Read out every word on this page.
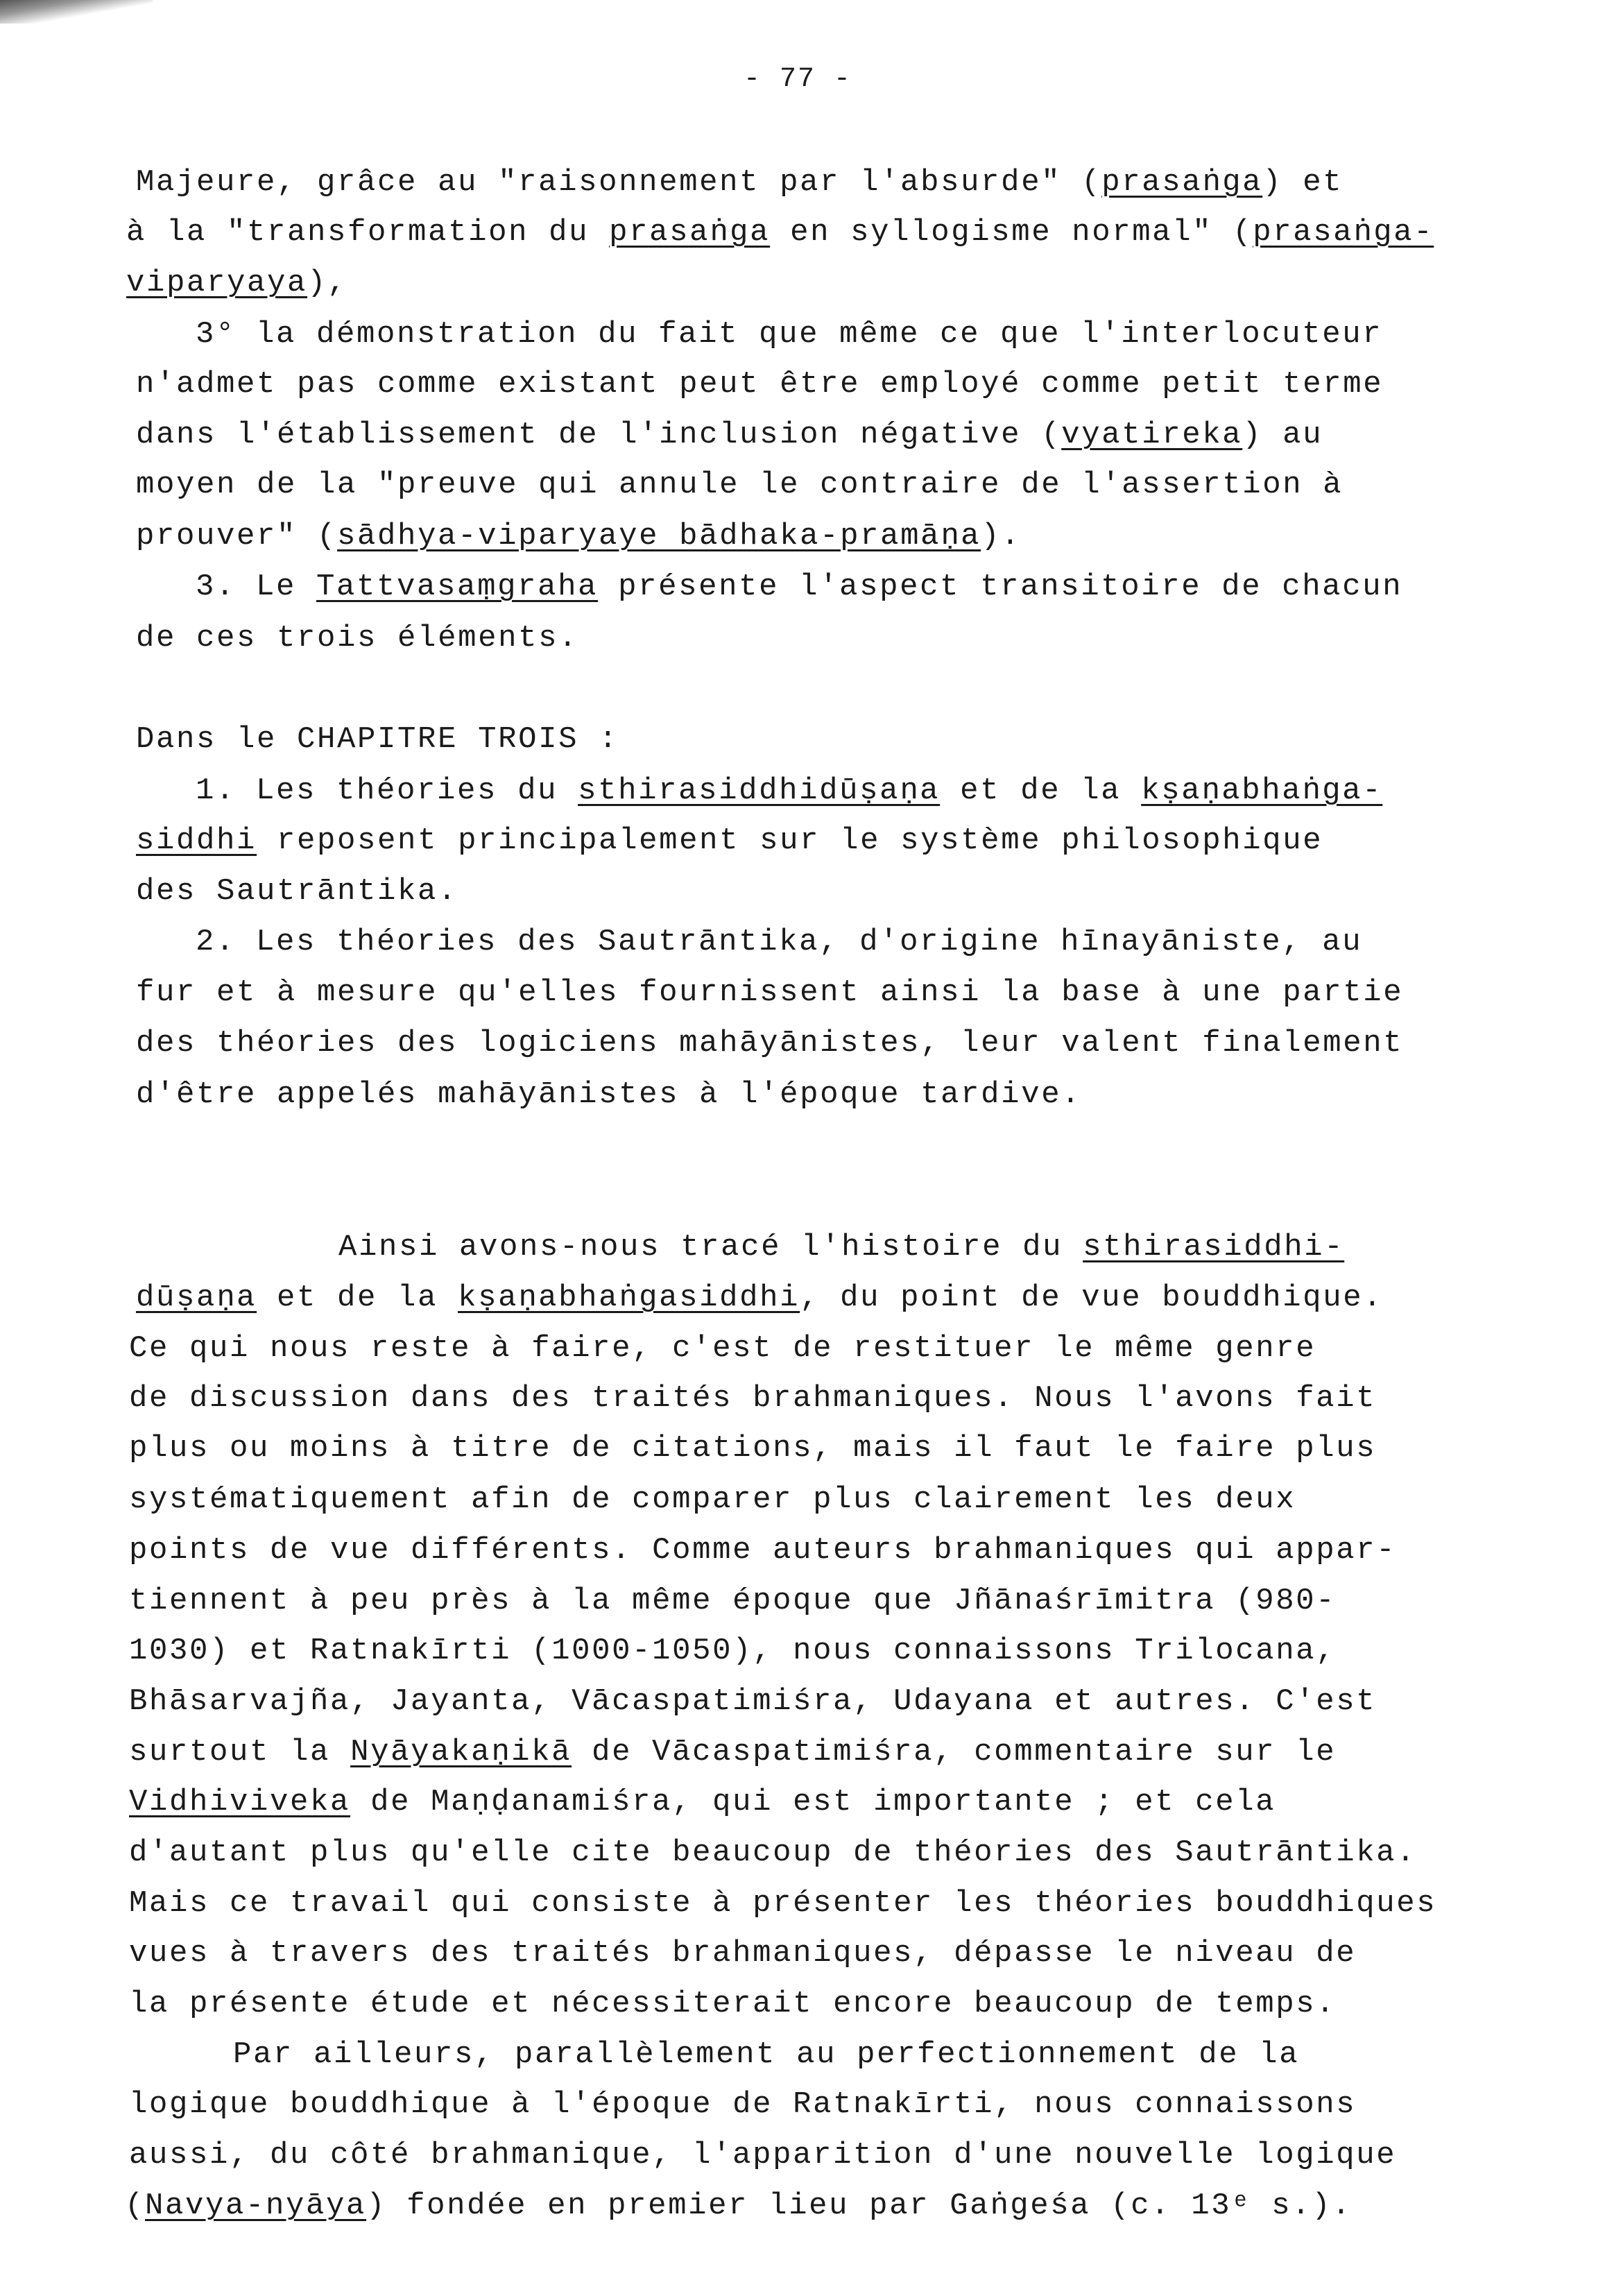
- 77 -
Majeure, grâce au "raisonnement par l'absurde" (prasaṅga) et
à la "transformation du prasaṅga en syllogisme normal" (prasaṅga-
viparyaya),
3° la démonstration du fait que même ce que l'interlocuteur
n'admet pas comme existant peut être employé comme petit terme
dans l'établissement de l'inclusion négative (vyatireka) au
moyen de la "preuve qui annule le contraire de l'assertion à
prouver" (sādhya-viparyaye bādhaka-pramāṇa).
3. Le Tattvasaṃgraha présente l'aspect transitoire de chacun
de ces trois éléments.
Dans le CHAPITRE TROIS :
1. Les théories du sthirasiddhidūṣaṇa et de la kṣaṇabhaṅga-
siddhi reposent principalement sur le système philosophique
des Sautrāntika.
2. Les théories des Sautrāntika, d'origine hīnayāniste, au
fur et à mesure qu'elles fournissent ainsi la base à une partie
des théories des logiciens mahāyānistes, leur valent finalement
d'être appelés mahāyānistes à l'époque tardive.
Ainsi avons-nous tracé l'histoire du sthirasiddhi-
dūṣaṇa et de la kṣaṇabhaṅgasiddhi, du point de vue bouddhique.
Ce qui nous reste à faire, c'est de restituer le même genre
de discussion dans des traités brahmaniques. Nous l'avons fait
plus ou moins à titre de citations, mais il faut le faire plus
systématiquement afin de comparer plus clairement les deux
points de vue différents. Comme auteurs brahmaniques qui appar-
tiennent à peu près à la même époque que Jñānaśrīmitra (980-
1030) et Ratnakīrti (1000-1050), nous connaissons Trilocana,
Bhāsarvajña, Jayanta, Vācaspatimiśra, Udayana et autres. C'est
surtout la Nyāyakaṇikā de Vācaspatimiśra, commentaire sur le
Vidhiviveka de Maṇḍanamiśra, qui est importante ; et cela
d'autant plus qu'elle cite beaucoup de théories des Sautrāntika.
Mais ce travail qui consiste à présenter les théories bouddhiques
vues à travers des traités brahmaniques, dépasse le niveau de
la présente étude et nécessiterait encore beaucoup de temps.
Par ailleurs, parallèlement au perfectionnement de la
logique bouddhique à l'époque de Ratnakīrti, nous connaissons
aussi, du côté brahmanique, l'apparition d'une nouvelle logique
(Navya-nyāya) fondée en premier lieu par Gaṅgeśa (c. 13ᵉ s.).
